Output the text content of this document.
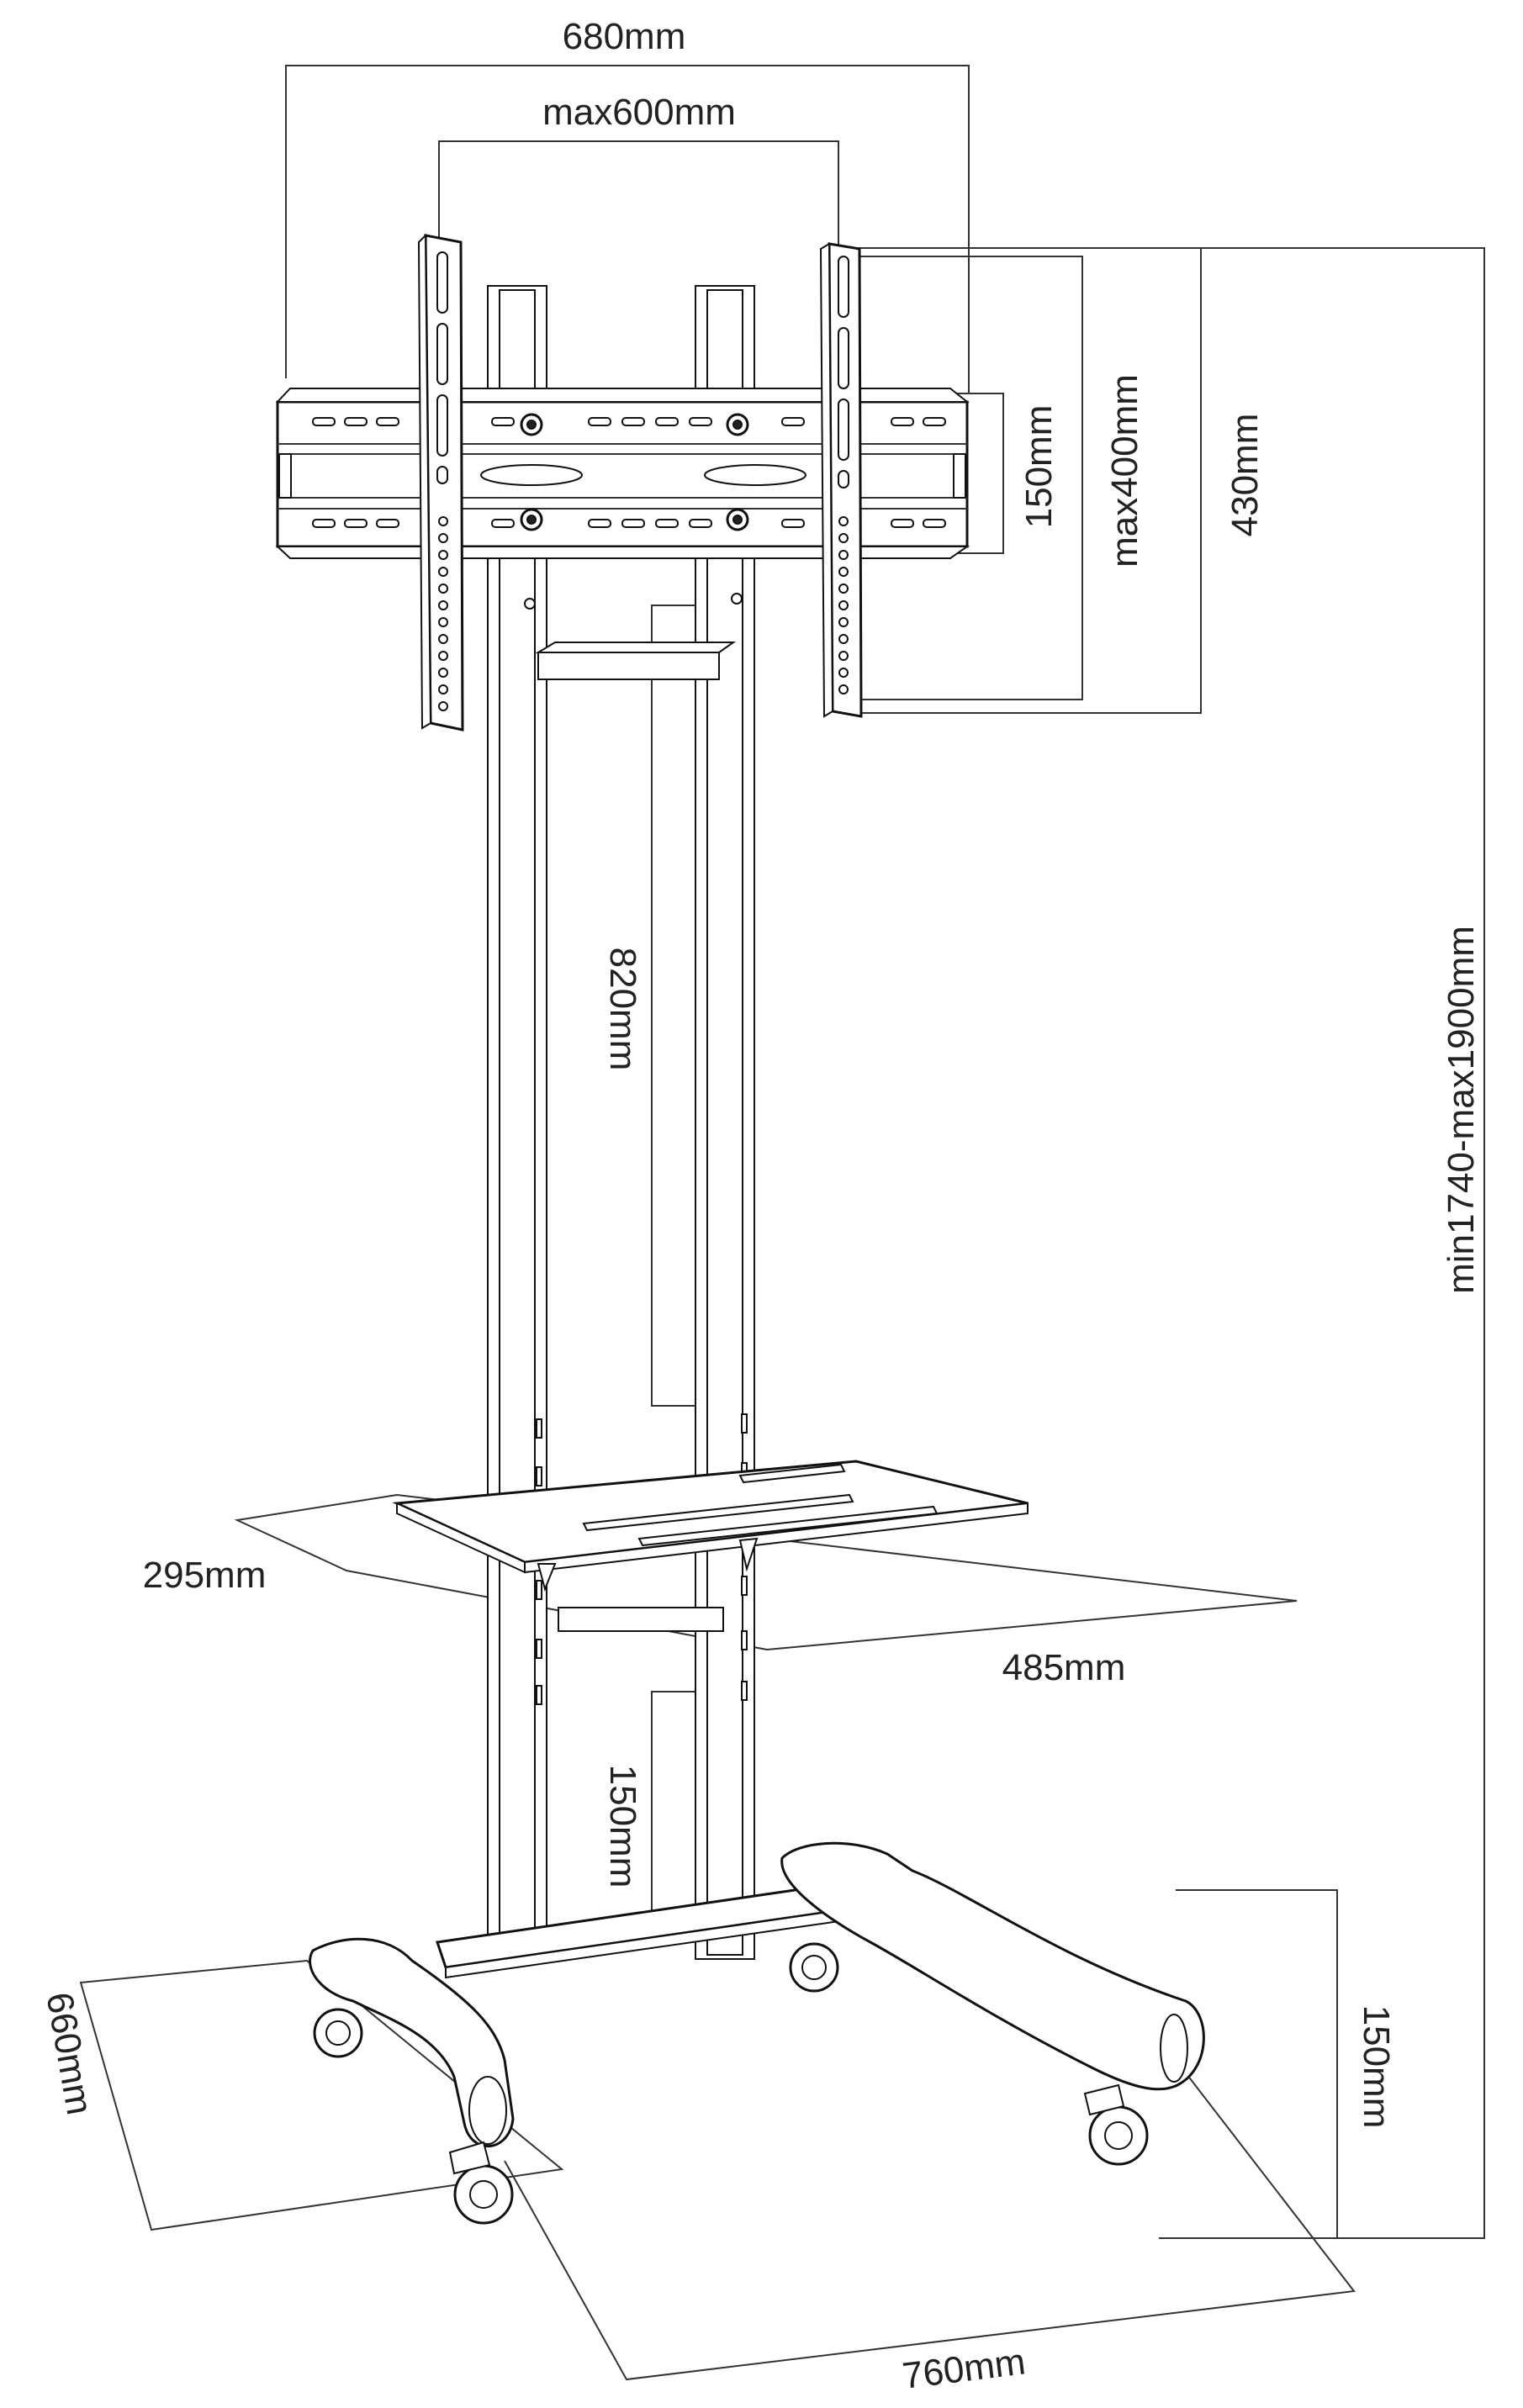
680mm
max600mm
150mm max400mm 430mm
min1740-max1900mm
820mm
295mm
485mm
150mm
660mm	150mm
760mm
